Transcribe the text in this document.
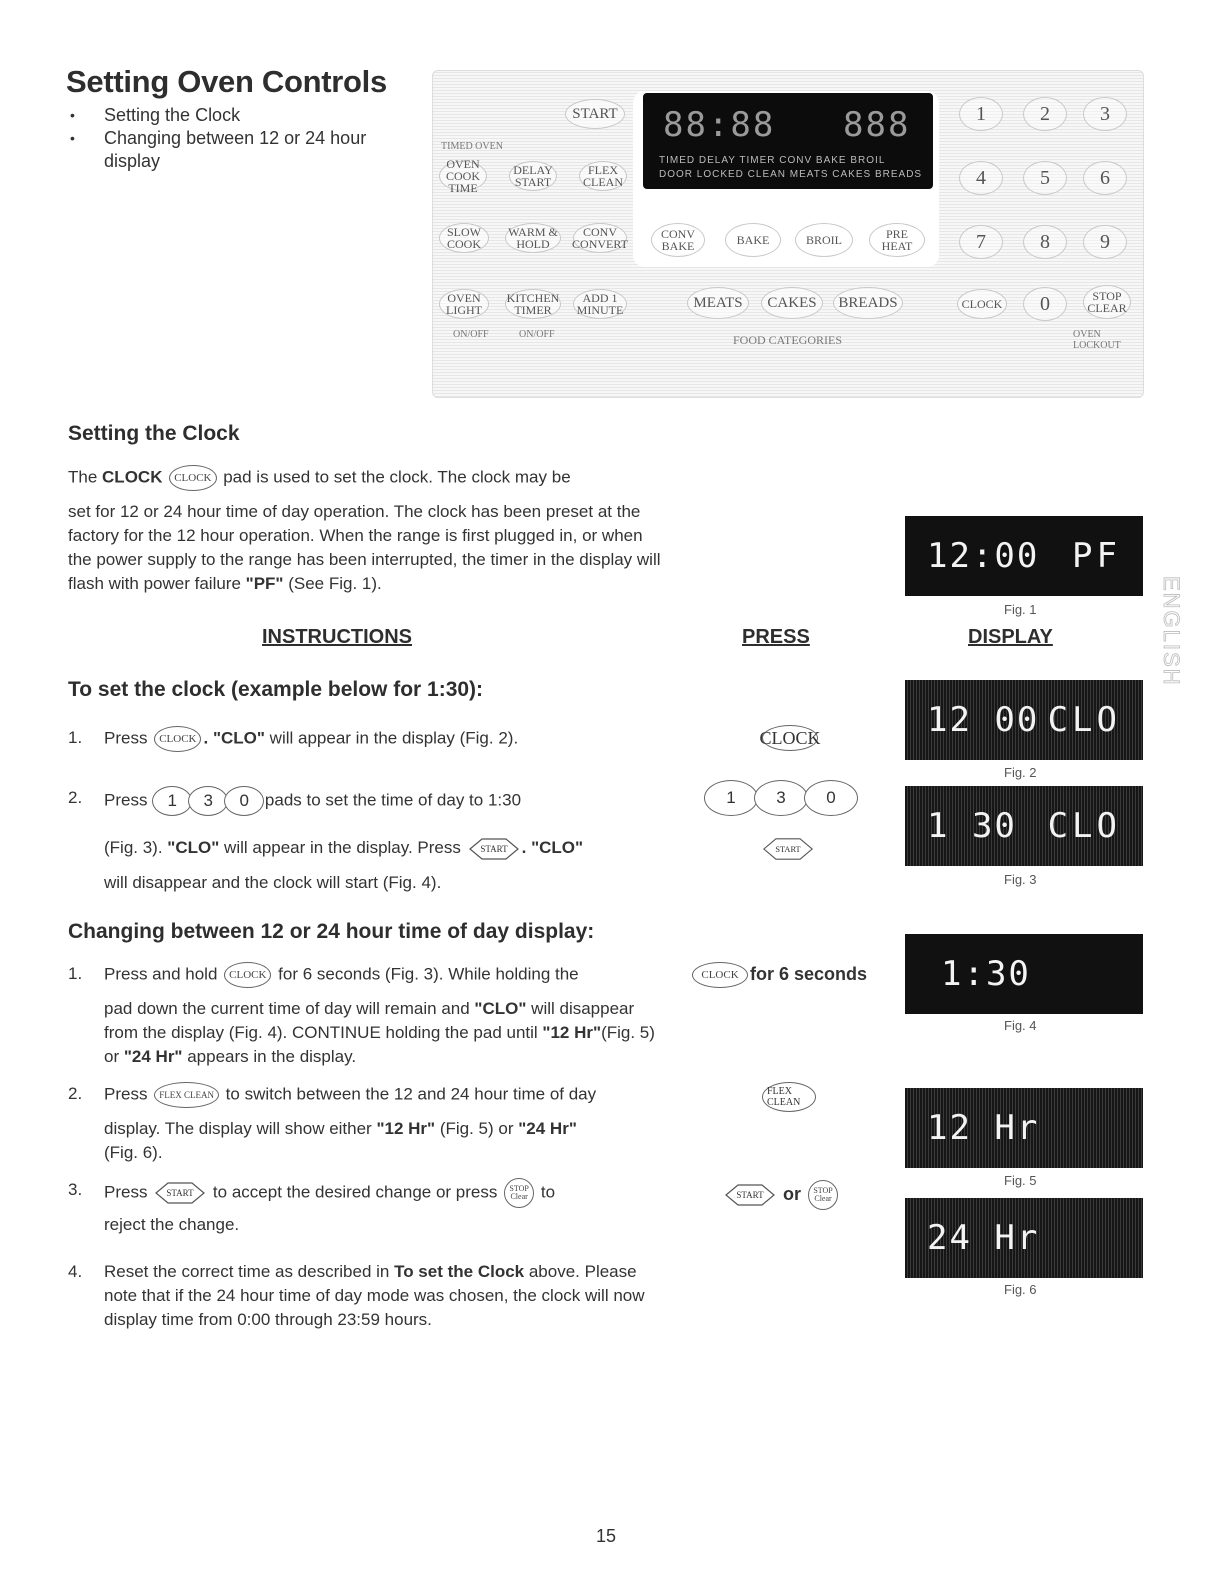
Setting Oven Controls
• Setting the Clock
• Changing between 12 or 24 hour display
TIMED OVEN
START
OVEN COOK TIME
DELAY START
FLEX CLEAN
SLOW COOK
WARM & HOLD
CONV CONVERT
OVEN LIGHT
KITCHEN TIMER
ADD 1 MINUTE
ON/OFF	ON/OFF
88:88 888
TIMED DELAY TIMER CONV BAKE BROIL
DOOR LOCKED CLEAN MEATS CAKES BREADS
CONV BAKE	BAKE	BROIL	PRE HEAT
MEATS	CAKES	BREADS
FOOD CATEGORIES
1	2	3
4	5	6
7	8	9
CLOCK	0	STOP CLEAR
OVEN LOCKOUT
Setting the Clock
The CLOCK CLOCK pad is used to set the clock. The clock may be
set for 12 or 24 hour time of day operation. The clock has been preset at the factory for the 12 hour operation. When the range is first plugged in, or when the power supply to the range has been interrupted, the timer in the display will flash with power failure "PF" (See Fig. 1).
INSTRUCTIONS	PRESS	DISPLAY
To set the clock (example below for 1:30):
1. Press CLOCK . "CLO" will appear in the display (Fig. 2).
2. Press 1 3 0 pads to set the time of day to 1:30
(Fig. 3). "CLO" will appear in the display. Press START . "CLO"
will disappear and the clock will start (Fig. 4).
Changing between 12 or 24 hour time of day display:
1. Press and hold CLOCK for 6 seconds (Fig. 3). While holding the
pad down the current time of day will remain and "CLO" will disappear from the display (Fig. 4). CONTINUE holding the pad until "12 Hr"(Fig. 5) or "24 Hr" appears in the display.
2. Press FLEX CLEAN to switch between the 12 and 24 hour time of day
display. The display will show either "12 Hr" (Fig. 5) or "24 Hr"
(Fig. 6).
3. Press START to accept the desired change or press STOP
Clear to
reject the change.
4. Reset the correct time as described in To set the Clock above. Please note that if the 24 hour time of day mode was chosen, the clock will now display time from 0:00 through 23:59 hours.
CLOCK
1 3 0
START
CLOCK for 6 seconds
FLEX CLEAN
START or STOP
Clear
12:00 PF
Fig. 1
12 00 CLO
Fig. 2
1 30 CLO
Fig. 3
1:30
Fig. 4
12 Hr
Fig. 5
24 Hr
Fig. 6
ENGLISH
15
